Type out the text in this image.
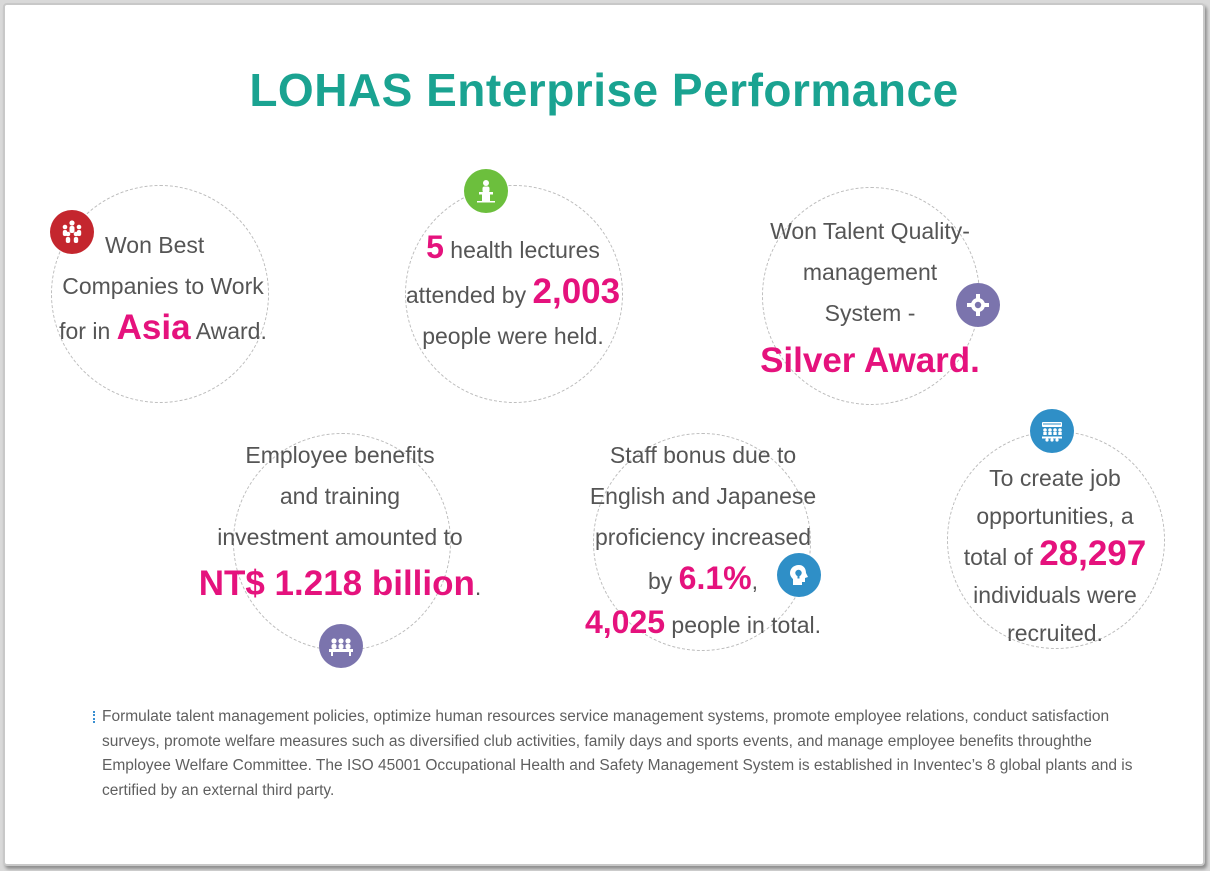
LOHAS Enterprise Performance
Won Best
Companies to Work
for in Asia Award.
5 health lectures
attended by 2,003
people were held.
Won Talent Quality-
management
System -
Silver Award.
Employee benefits
and training
investment amounted to
NT$ 1.218 billion.
Staff bonus due to
English and Japanese
proficiency increased
by 6.1%,
4,025 people in total.
To create job
opportunities, a
total of 28,297
individuals were
recruited.
Formulate talent management policies, optimize human resources service management systems, promote employee relations, conduct satisfaction surveys, promote welfare measures such as diversified club activities, family days and sports events, and manage employee benefits throughthe Employee Welfare Committee. The ISO 45001 Occupational Health and Safety Management System is established in Inventec’s 8 global plants and is certified by an external third party.
